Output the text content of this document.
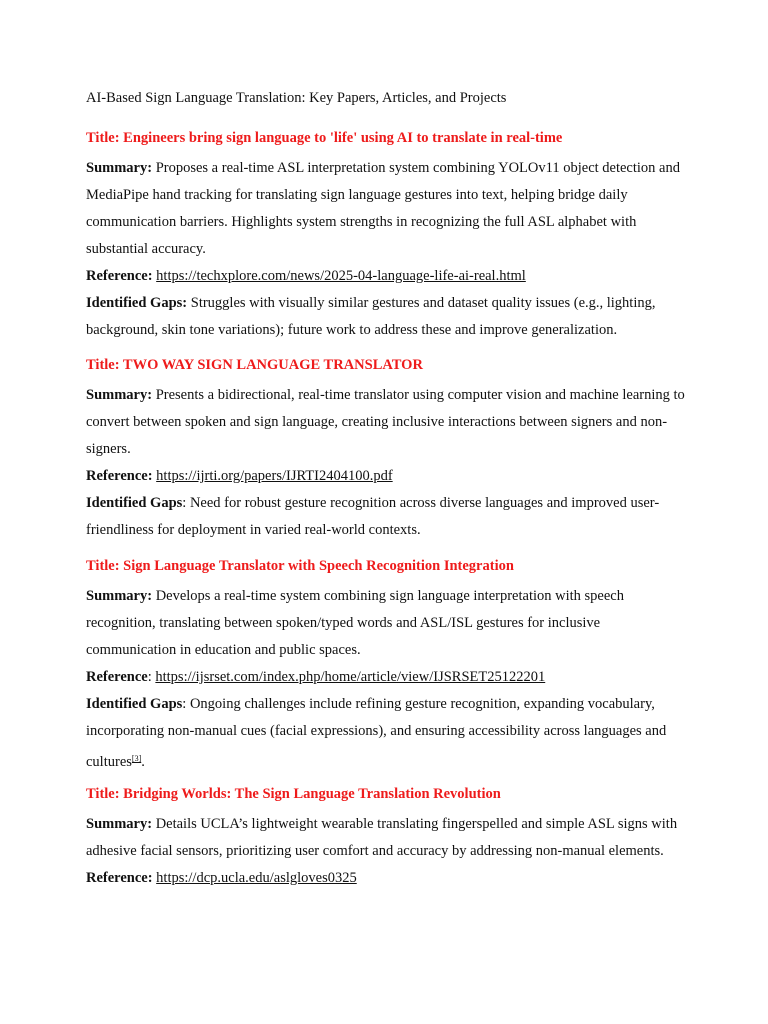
AI-Based Sign Language Translation: Key Papers, Articles, and Projects

Title: Engineers bring sign language to 'life' using AI to translate in real-time

Summary: Proposes a real-time ASL interpretation system combining YOLOv11 object detection and MediaPipe hand tracking for translating sign language gestures into text, helping bridge daily communication barriers. Highlights system strengths in recognizing the full ASL alphabet with substantial accuracy.

Reference: https://techxplore.com/news/2025-04-language-life-ai-real.html

Identified Gaps: Struggles with visually similar gestures and dataset quality issues (e.g., lighting, background, skin tone variations); future work to address these and improve generalization.

Title: TWO WAY SIGN LANGUAGE TRANSLATOR

Summary: Presents a bidirectional, real-time translator using computer vision and machine learning to convert between spoken and sign language, creating inclusive interactions between signers and non-signers.

Reference: https://ijrti.org/papers/IJRTI2404100.pdf

Identified Gaps: Need for robust gesture recognition across diverse languages and improved user-friendliness for deployment in varied real-world contexts.

Title: Sign Language Translator with Speech Recognition Integration

Summary: Develops a real-time system combining sign language interpretation with speech recognition, translating between spoken/typed words and ASL/ISL gestures for inclusive communication in education and public spaces.

Reference: https://ijsrset.com/index.php/home/article/view/IJSRSET25122201

Identified Gaps: Ongoing challenges include refining gesture recognition, expanding vocabulary, incorporating non-manual cues (facial expressions), and ensuring accessibility across languages and cultures[3].

Title: Bridging Worlds: The Sign Language Translation Revolution

Summary: Details UCLA’s lightweight wearable translating fingerspelled and simple ASL signs with adhesive facial sensors, prioritizing user comfort and accuracy by addressing non-manual elements.

Reference: https://dcp.ucla.edu/aslgloves0325
